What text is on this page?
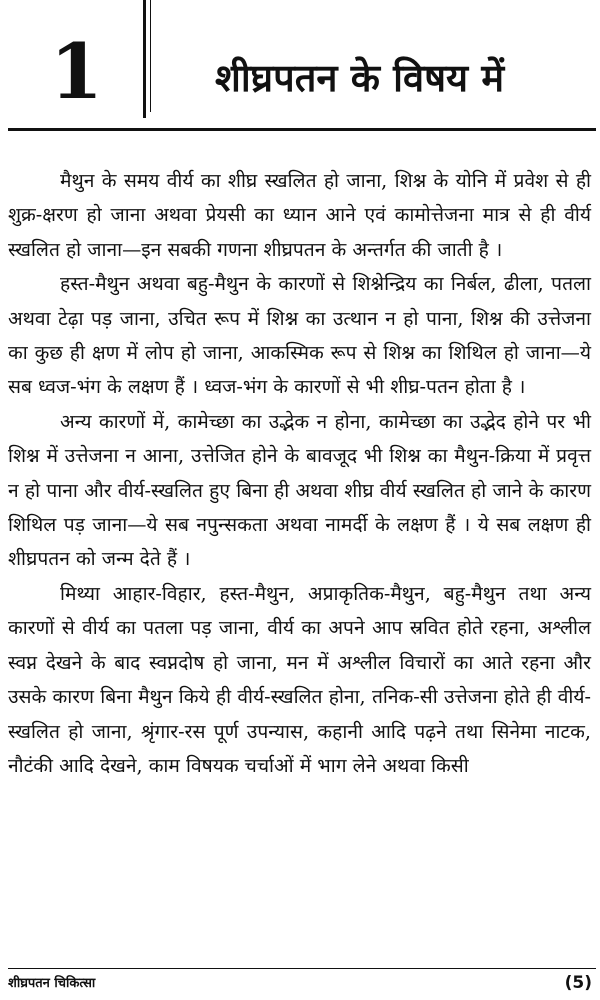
1	शीघ्रपतन के विषय में

मैथुन के समय वीर्य का शीघ्र स्खलित हो जाना, शिश्न के योनि में प्रवेश से ही शुक्र-क्षरण हो जाना अथवा प्रेयसी का ध्यान आने एवं कामोत्तेजना मात्र से ही वीर्य स्खलित हो जाना—इन सबकी गणना शीघ्रपतन के अन्तर्गत की जाती है ।

हस्त-मैथुन अथवा बहु-मैथुन के कारणों से शिश्नेन्द्रिय का निर्बल, ढीला, पतला अथवा टेढ़ा पड़ जाना, उचित रूप में शिश्न का उत्थान न हो पाना, शिश्न की उत्तेजना का कुछ ही क्षण में लोप हो जाना, आकस्मिक रूप से शिश्न का शिथिल हो जाना—ये सब ध्वज-भंग के लक्षण हैं । ध्वज-भंग के कारणों से भी शीघ्र-पतन होता है ।

अन्य कारणों में, कामेच्छा का उद्भेक न होना, कामेच्छा का उद्भेद होने पर भी शिश्न में उत्तेजना न आना, उत्तेजित होने के बावजूद भी शिश्न का मैथुन-क्रिया में प्रवृत्त न हो पाना और वीर्य-स्खलित हुए बिना ही अथवा शीघ्र वीर्य स्खलित हो जाने के कारण शिथिल पड़ जाना—ये सब नपुन्सकता अथवा नामर्दी के लक्षण हैं । ये सब लक्षण ही शीघ्रपतन को जन्म देते हैं ।

मिथ्या आहार-विहार, हस्त-मैथुन, अप्राकृतिक-मैथुन, बहु-मैथुन तथा अन्य कारणों से वीर्य का पतला पड़ जाना, वीर्य का अपने आप स्रवित होते रहना, अश्लील स्वप्न देखने के बाद स्वप्नदोष हो जाना, मन में अश्लील विचारों का आते रहना और उसके कारण बिना मैथुन किये ही वीर्य-स्खलित होना, तनिक-सी उत्तेजना होते ही वीर्य-स्खलित हो जाना, श्रृंगार-रस पूर्ण उपन्यास, कहानी आदि पढ़ने तथा सिनेमा नाटक, नौटंकी आदि देखने, काम विषयक चर्चाओं में भाग लेने अथवा किसी

शीघ्रपतन चिकित्सा	(5)
